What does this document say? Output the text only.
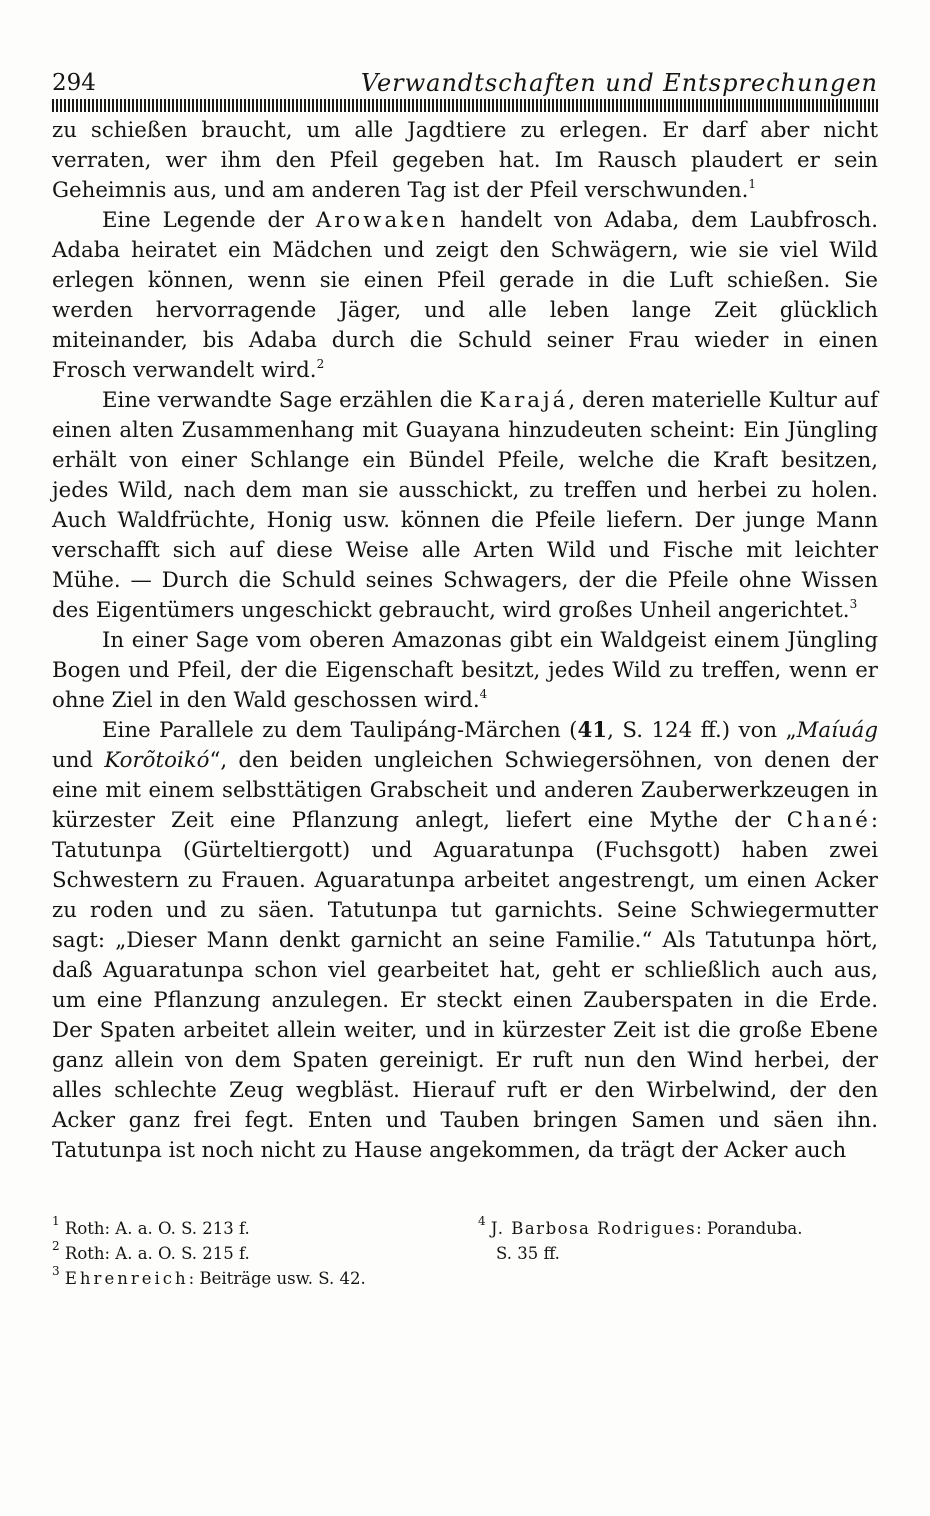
294	Verwandtschaften und Entsprechungen

zu schießen braucht, um alle Jagdtiere zu erlegen. Er darf aber nicht verraten, wer ihm den Pfeil gegeben hat. Im Rausch plaudert er sein Geheimnis aus, und am anderen Tag ist der Pfeil verschwunden.$^1$

Eine Legende der Arowaken handelt von Adaba, dem Laubfrosch. Adaba heiratet ein Mädchen und zeigt den Schwägern, wie sie viel Wild erlegen können, wenn sie einen Pfeil gerade in die Luft schießen. Sie werden hervorragende Jäger, und alle leben lange Zeit glücklich miteinander, bis Adaba durch die Schuld seiner Frau wieder in einen Frosch verwandelt wird.$^2$

Eine verwandte Sage erzählen die Karajá, deren materielle Kultur auf einen alten Zusammenhang mit Guayana hinzudeuten scheint: Ein Jüngling erhält von einer Schlange ein Bündel Pfeile, welche die Kraft besitzen, jedes Wild, nach dem man sie ausschickt, zu treffen und herbei zu holen. Auch Waldfrüchte, Honig usw. können die Pfeile liefern. Der junge Mann verschafft sich auf diese Weise alle Arten Wild und Fische mit leichter Mühe. — Durch die Schuld seines Schwagers, der die Pfeile ohne Wissen des Eigentümers ungeschickt gebraucht, wird großes Unheil angerichtet.$^3$

In einer Sage vom oberen Amazonas gibt ein Waldgeist einem Jüngling Bogen und Pfeil, der die Eigenschaft besitzt, jedes Wild zu treffen, wenn er ohne Ziel in den Wald geschossen wird.$^4$

Eine Parallele zu dem Taulipáng-Märchen (41, S. 124 ff.) von „Maíuág und Korõtoikó“, den beiden ungleichen Schwiegersöhnen, von denen der eine mit einem selbsttätigen Grabscheit und anderen Zauberwerkzeugen in kürzester Zeit eine Pflanzung anlegt, liefert eine Mythe der Chané: Tatutunpa (Gürteltiergott) und Aguaratunpa (Fuchsgott) haben zwei Schwestern zu Frauen. Aguaratunpa arbeitet angestrengt, um einen Acker zu roden und zu säen. Tatutunpa tut garnichts. Seine Schwiegermutter sagt: „Dieser Mann denkt garnicht an seine Familie.“ Als Tatutunpa hört, daß Aguaratunpa schon viel gearbeitet hat, geht er schließlich auch aus, um eine Pflanzung anzulegen. Er steckt einen Zauberspaten in die Erde. Der Spaten arbeitet allein weiter, und in kürzester Zeit ist die große Ebene ganz allein von dem Spaten gereinigt. Er ruft nun den Wind herbei, der alles schlechte Zeug wegbläst. Hierauf ruft er den Wirbelwind, der den Acker ganz frei fegt. Enten und Tauben bringen Samen und säen ihn. Tatutunpa ist noch nicht zu Hause angekommen, da trägt der Acker auch

$^1$ Roth: A. a. O. S. 213 f.
$^2$ Roth: A. a. O. S. 215 f.
$^3$ Ehrenreich: Beiträge usw. S. 42.
$^4$ J. Barbosa Rodrigues: Poranduba.
S. 35 ff.
